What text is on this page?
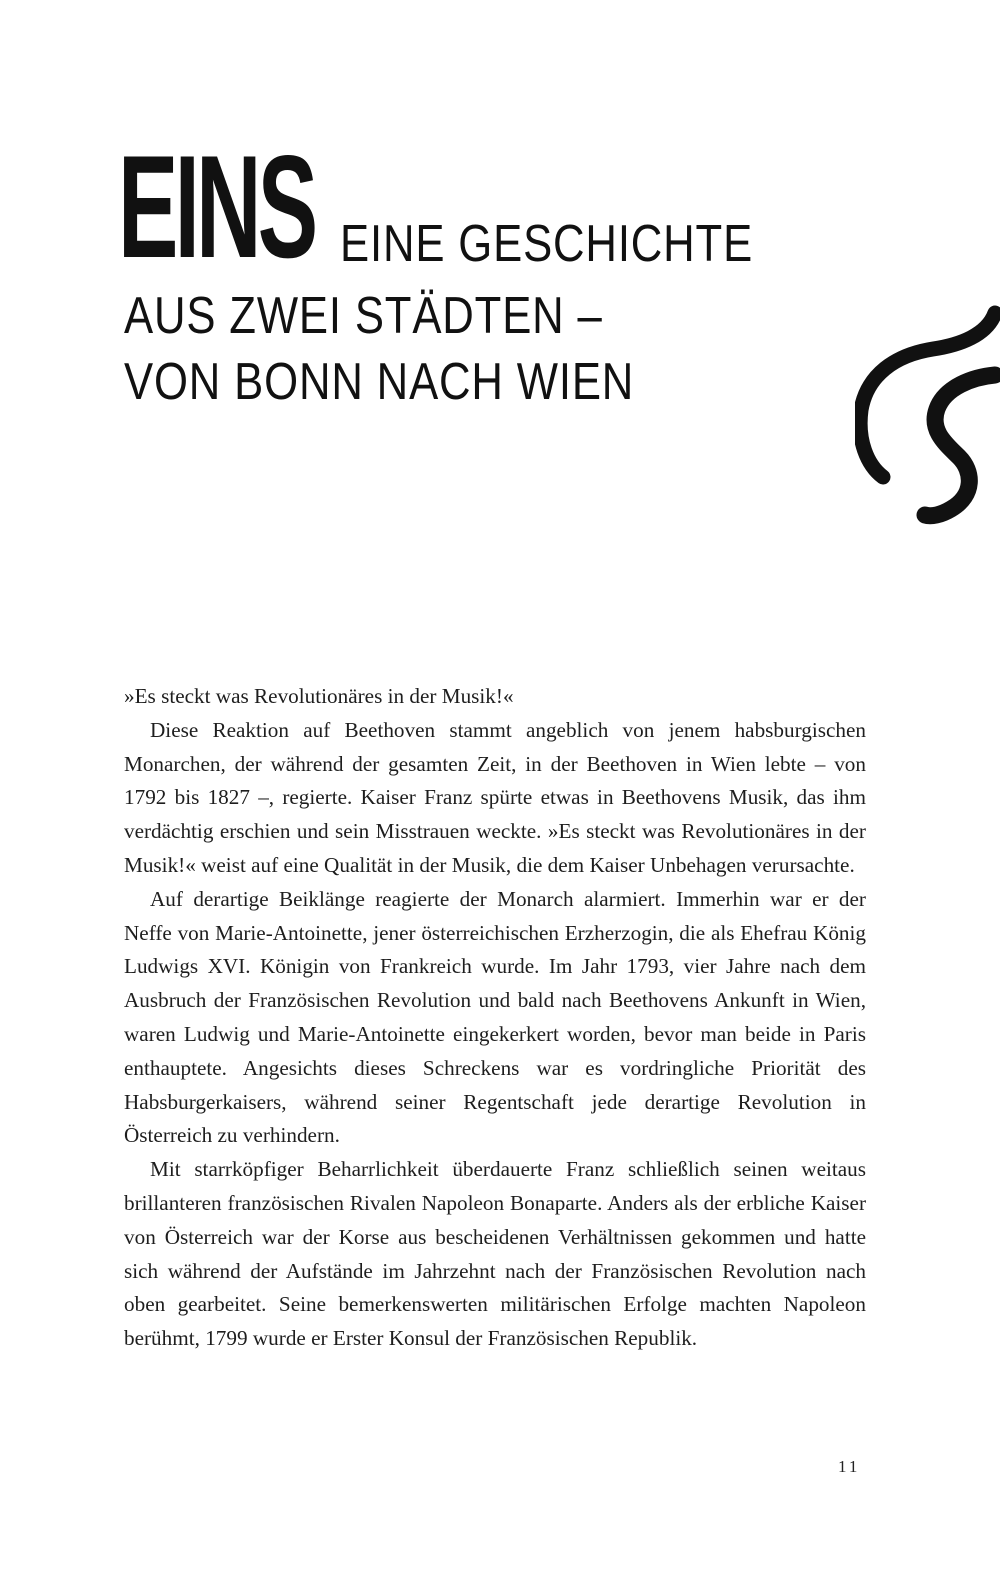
EINS EINE GESCHICHTE
AUS ZWEI STÄDTEN –
VON BONN NACH WIEN

»Es steckt was Revolutionäres in der Musik!«

Diese Reaktion auf Beethoven stammt angeblich von jenem habsburgischen Monarchen, der während der gesamten Zeit, in der Beethoven in Wien lebte – von 1792 bis 1827 –, regierte. Kaiser Franz spürte etwas in Beethovens Musik, das ihm verdächtig erschien und sein Misstrauen weckte. »Es steckt was Revolutionäres in der Musik!« weist auf eine Qualität in der Musik, die dem Kaiser Unbehagen verursachte.

Auf derartige Beiklänge reagierte der Monarch alarmiert. Immerhin war er der Neffe von Marie-Antoinette, jener österreichischen Erzherzogin, die als Ehefrau König Ludwigs XVI. Königin von Frankreich wurde. Im Jahr 1793, vier Jahre nach dem Ausbruch der Französischen Revolution und bald nach Beethovens Ankunft in Wien, waren Ludwig und Marie-Antoinette eingekerkert worden, bevor man beide in Paris enthauptete. Angesichts dieses Schreckens war es vordringliche Priorität des Habsburgerkaisers, während seiner Regentschaft jede derartige Revolution in Österreich zu verhindern.

Mit starrköpfiger Beharrlichkeit überdauerte Franz schließlich seinen weitaus brillanteren französischen Rivalen Napoleon Bonaparte. Anders als der erbliche Kaiser von Österreich war der Korse aus bescheidenen Verhältnissen gekommen und hatte sich während der Aufstände im Jahrzehnt nach der Französischen Revolution nach oben gearbeitet. Seine bemerkenswerten militärischen Erfolge machten Napoleon berühmt, 1799 wurde er Erster Konsul der Französischen Republik.

11
